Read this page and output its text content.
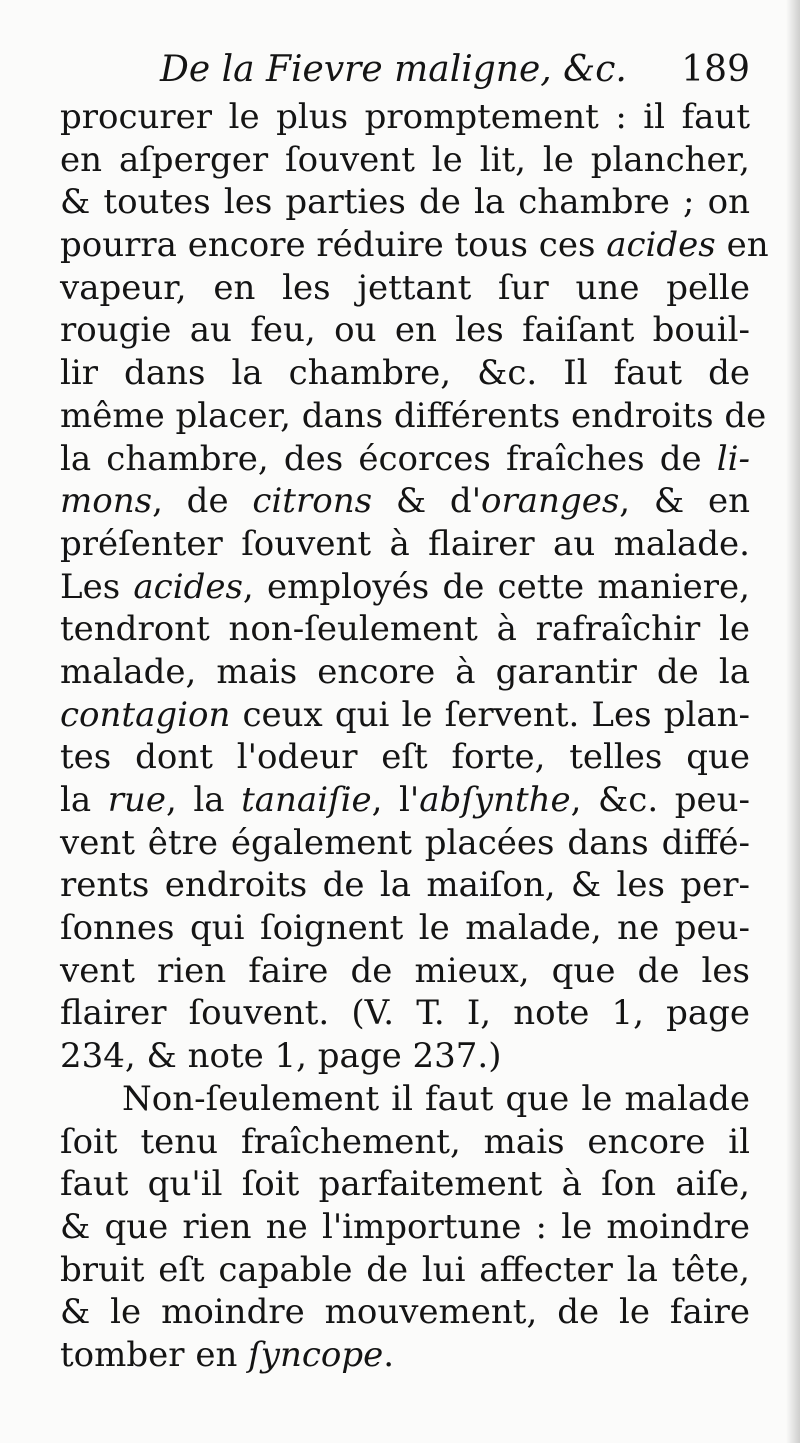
De la Fievre maligne, &c. 189
procurer le plus promptement : il faut
en aſperger ſouvent le lit, le plancher,
& toutes les parties de la chambre ; on
pourra encore réduire tous ces acides en
vapeur, en les jettant ſur une pelle
rougie au feu, ou en les faiſant bouil-
lir dans la chambre, &c. Il faut de
même placer, dans différents endroits de
la chambre, des écorces fraîches de li-
mons, de citrons & d'oranges, & en
préſenter ſouvent à flairer au malade.
Les acides, employés de cette maniere,
tendront non-ſeulement à rafraîchir le
malade, mais encore à garantir de la
contagion ceux qui le ſervent. Les plan-
tes dont l'odeur eſt forte, telles que
la rue, la tanaiſie, l'abſynthe, &c. peu-
vent être également placées dans diffé-
rents endroits de la maiſon, & les per-
ſonnes qui ſoignent le malade, ne peu-
vent rien faire de mieux, que de les
flairer ſouvent. (V. T. I, note 1, page
234, & note 1, page 237.)
Non-ſeulement il faut que le malade
ſoit tenu fraîchement, mais encore il
faut qu'il ſoit parfaitement à ſon aiſe,
& que rien ne l'importune : le moindre
bruit eſt capable de lui affecter la tête,
& le moindre mouvement, de le faire
tomber en ſyncope.
